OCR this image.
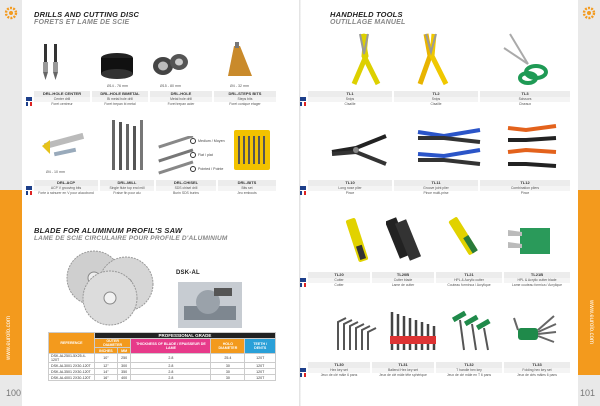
www.eurolo.com	www.eurolo.com
100	101
DRILLS AND CUTTING DISC
FORETS ET LAME DE SCIE
Ø14 - 76 mm	Ø15 - 80 mm	Ø4 - 32 mm
DRL-HOLE CENTER
Center drill
Foret centreur
DRL-HOLE BIMETAL
Bi metal hole drill
Foret trepan bi metal
DRL-HOLE
Metal hole drill
Foret trepan acier
DRL-STEPS BITS
Steps bits
Foret conique etager
Medium / Moyen
Flat / plat
Pointed / Pointe
Ø4 - 10 mm
DRL-ACP
ACP V grooving bits
Forte à rainurer en V pour alucobond
DRL-MILL
Single flute top end mill
Fraise fin pour alu
DRL-CHISEL
SDS chisel drill
Burin SDS burins
DRL-BITS
Bits set
Jeu embouts
BLADE FOR ALUMINUM PROFIL'S SAW
LAME DE SCIE CIRCULAIRE POUR PROFILE D'ALUMINIUM
DSK-AL
REFERENCE	PROFESSIONAL GRADE				
	OUTER DIAMETER		THICKNESS OF BLADE / EPAISSEUR DE LAME	HOLO DIAMETER	TEETH / DENTS
	INCHES	MM			
DSK-AL2501-5X25.4-120T	10"	250	2.8	25.4	120T
DSK-AL3001 2X30-120T	12"	300	2.8	30	120T
DSK-AL3501 2X30-120T	14"	350	2.8	30	120T
DSK-AL4001 2X30-120T	16"	400	2.8	30	120T
HANDHELD TOOLS
OUTILLAGE MANUEL
TL1
Snips
Cisaille
TL2
Snips
Cisaille
TL3
Scissors
Ciseaux
TL10
Long nose plier
Pince
TL11
Groove joint plier
Pince multi-prise
TL12
Combination pliers
Pince
TL20
Cutter
Cutter
TL20B
Cutter blade
Lame de cutter
TL21
HPL & Acrylic cutter
Couteau forminca / Acrylique
TL21B
HPL & Acrylic cutter blade
Lame couteau formica / Acrylique
TL30
Hex key set
Jeux de clé mâle 6 pans
TL31
Ballend Hex key set
Jeux de clé mâle tête sphérique
TL32
T handle hex key
Jeux de clé mâle en T 6 pans
TL33
Folding hex key set
Jeux de clés mâles 6 pans
